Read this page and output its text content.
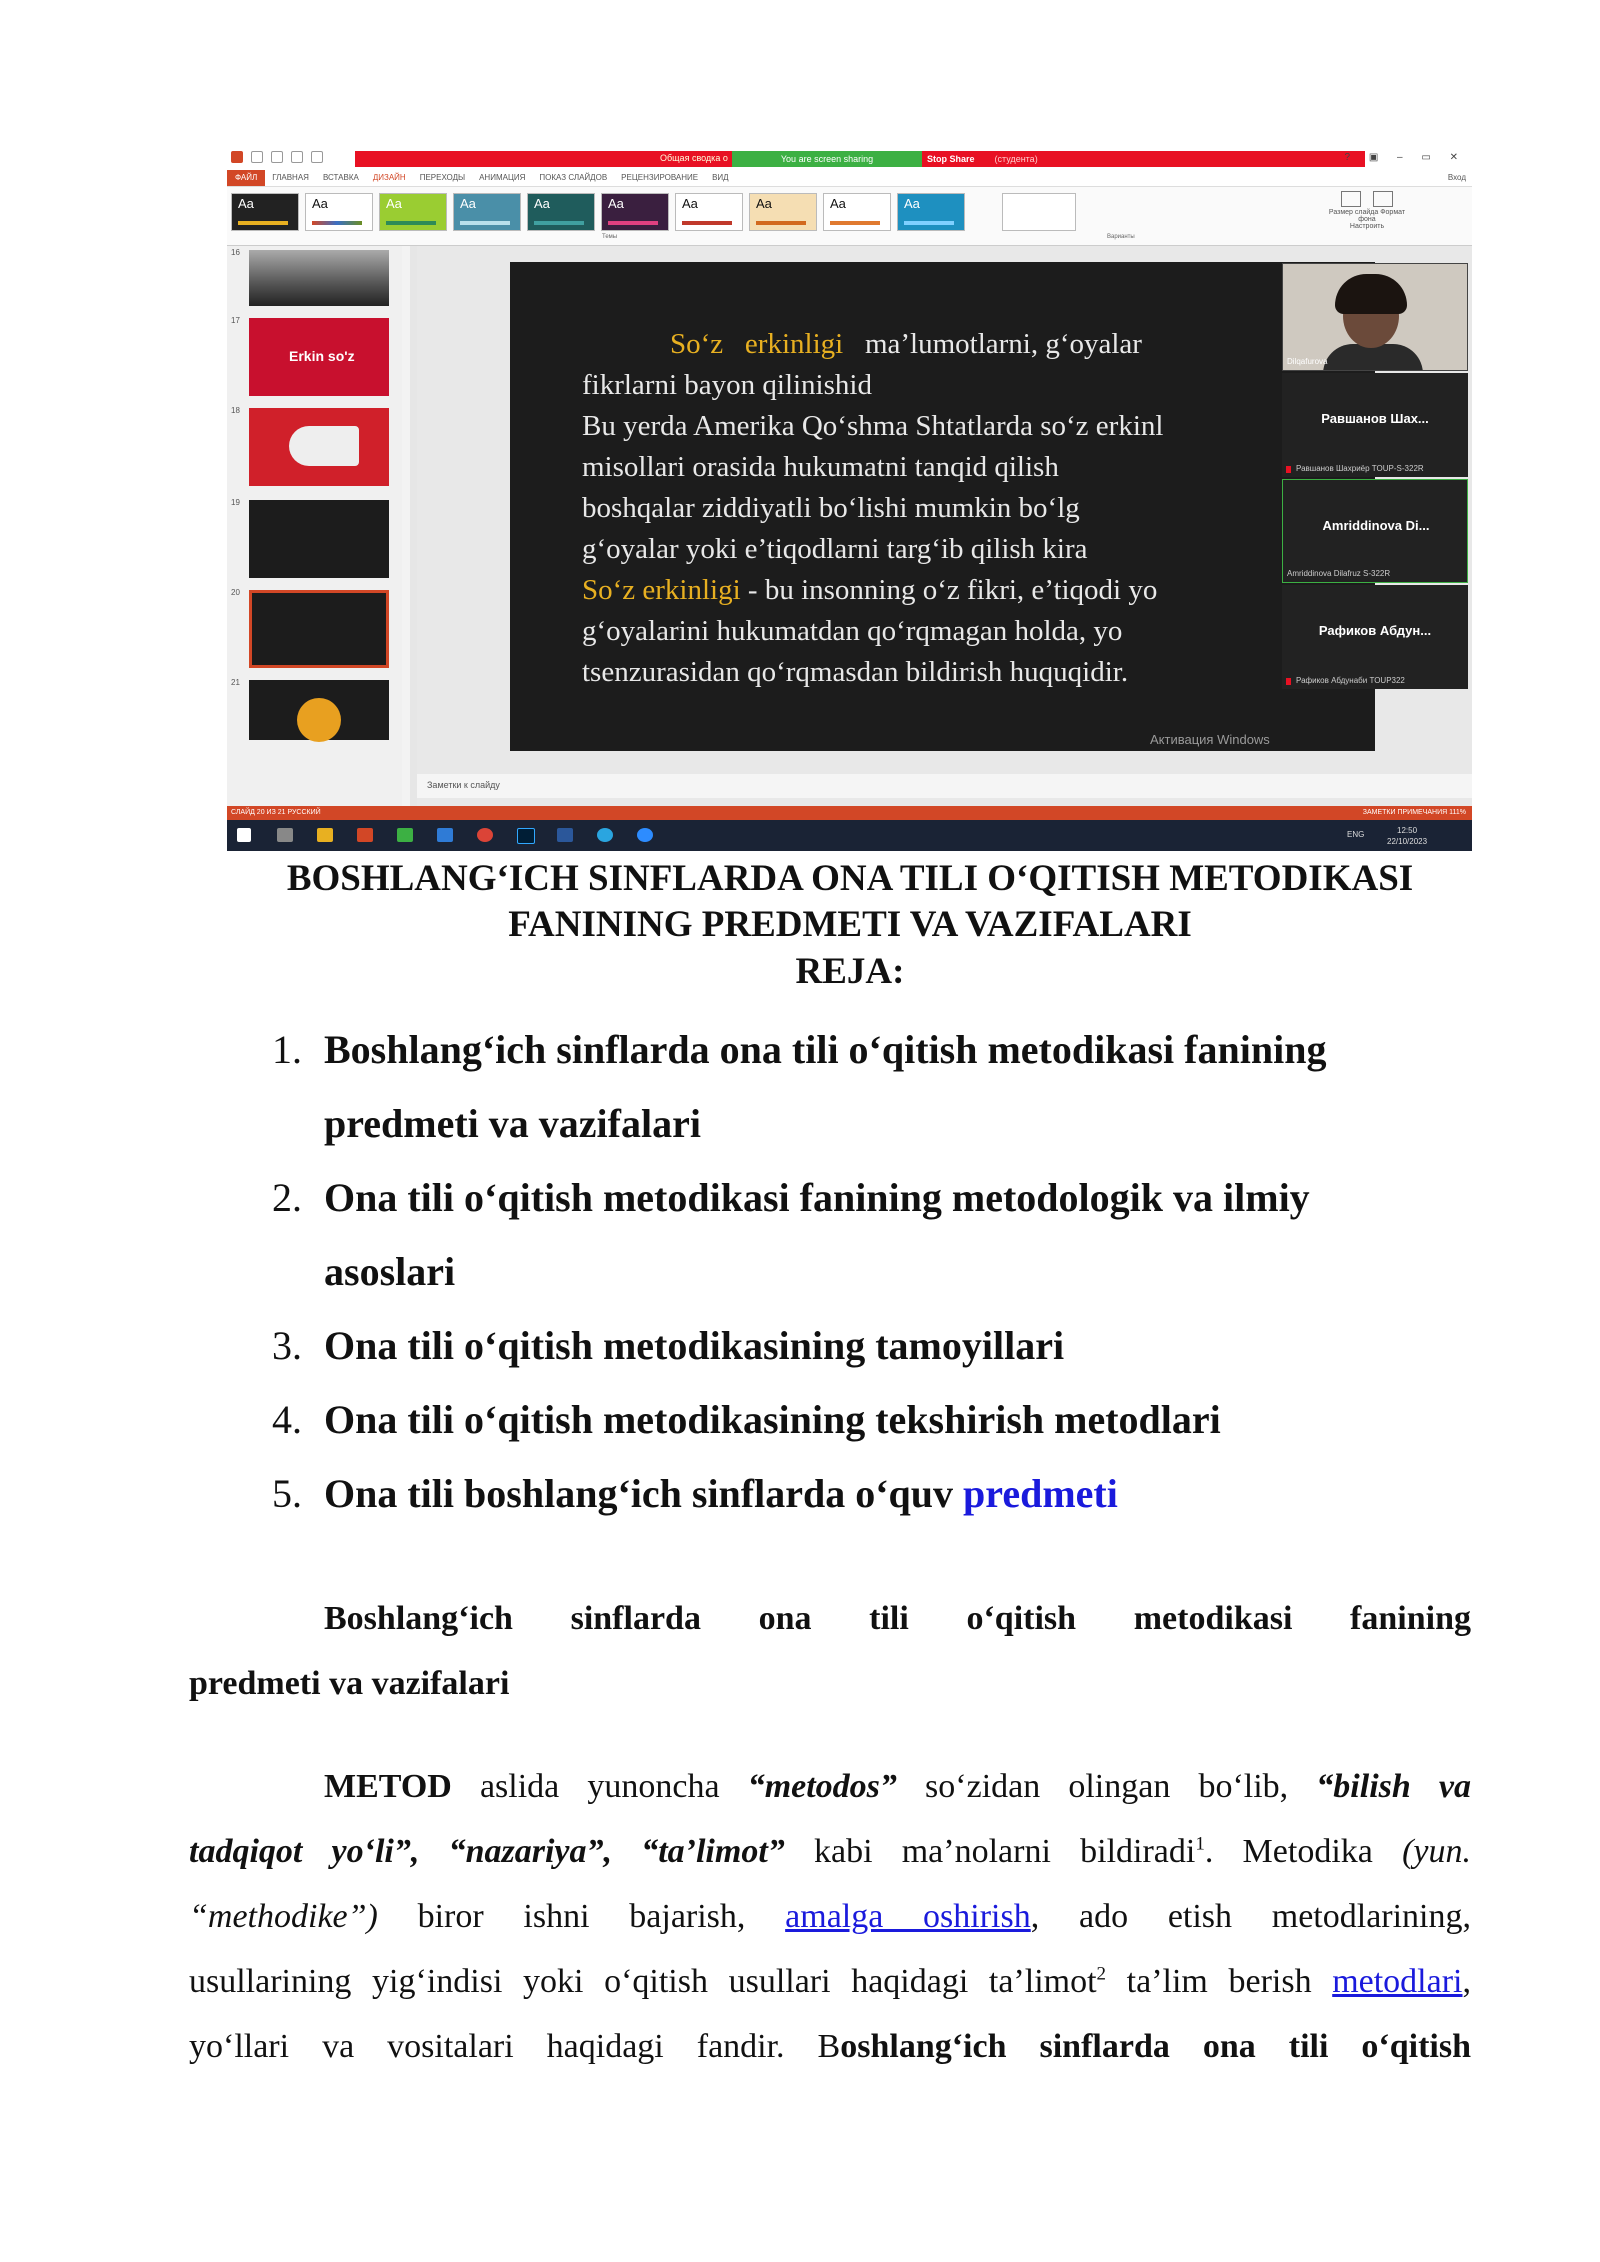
Общая сводка о	You are screen sharing	Stop Share (студента)	? ▣ – ▭ ✕
ФАЙЛ ГЛАВНАЯ ВСТАВКА ДИЗАЙН ПЕРЕХОДЫ АНИМАЦИЯ ПОКАЗ СЛАЙДОВ РЕЦЕНЗИРОВАНИЕ ВИД	Вход
Aa	Aa	Aa	Aa	Aa	Aa	Aa	Aa	Aa	Aa
Темы	Варианты

Размер слайда Формат фона
Настроить
16
17
Erkin so'z
18
19
20
21
So‘z erkinligi ma’lumotlarni, g‘oyalar
fikrlarni bayon qilinishid
Bu yerda Amerika Qo‘shma Shtatlarda so‘z erkinl
misollari orasida hukumatni tanqid qilish
boshqalar ziddiyatli bo‘lishi mumkin bo‘lg
g‘oyalar yoki e’tiqodlarni targ‘ib qilish kira
So‘z erkinligi - bu insonning o‘z fikri, e’tiqodi yo
g‘oyalarini hukumatdan qo‘rqmagan holda, yo
tsenzurasidan qo‘rqmasdan bildirish huquqidir.
Активация Windows
Заметки к слайду
Dilqafurova
Равшанов Шах...
Равшанов Шахриёр TOUP-S-322R
Amriddinova Di...
Amriddinova Dilafruz S-322R
Рафиков Абдун...
Рафиков Абдунаби TOUP322
СЛАЙД 20 ИЗ 21 РУССКИЙ	ЗАМЕТКИ ПРИМЕЧАНИЯ 111%
ENG	12:50
22/10/2023
BOSHLANG‘ICH SINFLARDA ONA TILI O‘QITISH METODIKASI
FANINING PREDMETI VA VAZIFALARI
REJA:
1. Boshlang‘ich sinflarda ona tili o‘qitish metodikasi fanining
predmeti va vazifalari
2. Ona tili o‘qitish metodikasi fanining metodologik va ilmiy
asoslari
3. Ona tili o‘qitish metodikasining tamoyillari
4. Ona tili o‘qitish metodikasining tekshirish metodlari
5. Ona tili boshlang‘ich sinflarda o‘quv predmeti
Boshlang‘ich sinflarda ona tili o‘qitish metodikasi fanining
predmeti va vazifalari
METOD aslida yunoncha “metodos” so‘zidan olingan bo‘lib, “bilish va
tadqiqot yo‘li”, “nazariya”, “ta’limot” kabi ma’nolarni bildiradi$^1$. Metodika (yun.
“methodike”) biror ishni bajarish, amalga oshirish, ado etish metodlarining,
usullarining yig‘indisi yoki o‘qitish usullari haqidagi ta’limot$^2$ ta’lim berish metodlari,
yo‘llari va vositalari haqidagi fandir. Boshlang‘ich sinflarda ona tili o‘qitish
